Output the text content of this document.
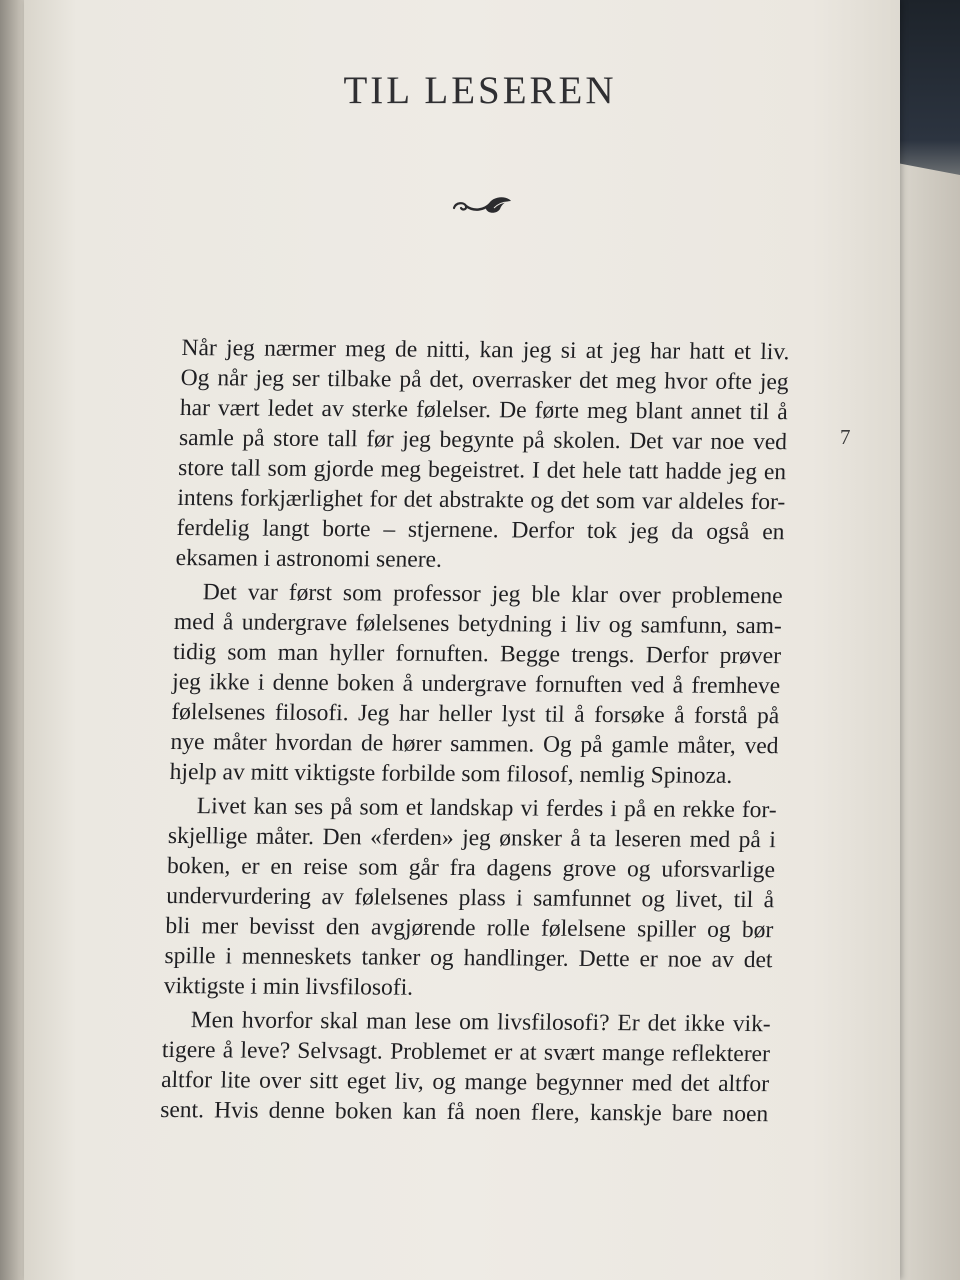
TIL LESEREN
7
Når jeg nærmer meg de nitti, kan jeg si at jeg har hatt et liv.
Og når jeg ser tilbake på det, overrasker det meg hvor ofte jeg
har vært ledet av sterke følelser. De førte meg blant annet til å
samle på store tall før jeg begynte på skolen. Det var noe ved
store tall som gjorde meg begeistret. I det hele tatt hadde jeg en
intens forkjærlighet for det abstrakte og det som var aldeles for-
ferdelig langt borte – stjernene. Derfor tok jeg da også en
eksamen i astronomi senere.
Det var først som professor jeg ble klar over problemene
med å undergrave følelsenes betydning i liv og samfunn, sam-
tidig som man hyller fornuften. Begge trengs. Derfor prøver
jeg ikke i denne boken å undergrave fornuften ved å fremheve
følelsenes filosofi. Jeg har heller lyst til å forsøke å forstå på
nye måter hvordan de hører sammen. Og på gamle måter, ved
hjelp av mitt viktigste forbilde som filosof, nemlig Spinoza.
Livet kan ses på som et landskap vi ferdes i på en rekke for-
skjellige måter. Den «ferden» jeg ønsker å ta leseren med på i
boken, er en reise som går fra dagens grove og uforsvarlige
undervurdering av følelsenes plass i samfunnet og livet, til å
bli mer bevisst den avgjørende rolle følelsene spiller og bør
spille i menneskets tanker og handlinger. Dette er noe av det
viktigste i min livsfilosofi.
Men hvorfor skal man lese om livsfilosofi? Er det ikke vik-
tigere å leve? Selvsagt. Problemet er at svært mange reflekterer
altfor lite over sitt eget liv, og mange begynner med det altfor
sent. Hvis denne boken kan få noen flere, kanskje bare noen
